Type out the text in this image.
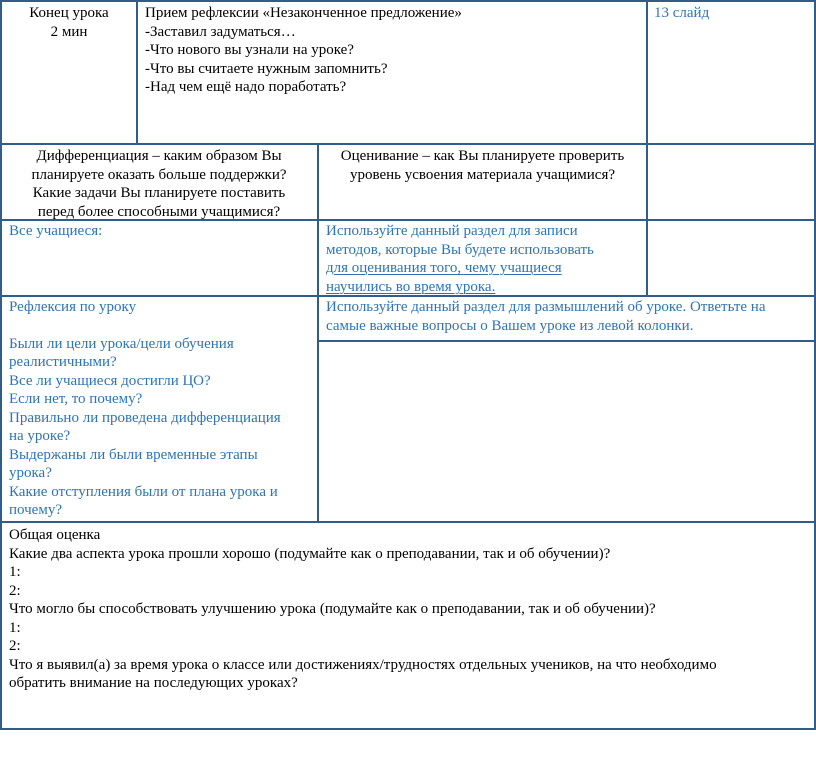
Конец урока
2 мин
Прием рефлексии «Незаконченное предложение»
-Заставил задуматься…
-Что нового вы узнали на уроке?
-Что вы считаете нужным запомнить?
-Над чем ещё надо поработать?
13 слайд
Дифференциация – каким образом Вы
планируете оказать больше поддержки?
Какие задачи Вы планируете поставить
перед более способными учащимися?
Оценивание – как Вы планируете проверить
уровень усвоения материала учащимися?
Все учащиеся:	Используйте данный раздел для записи
методов, которые Вы будете использовать
для оценивания того, чему учащиеся
научились во время урока.
Рефлексия по уроку
Были ли цели урока/цели обучения
реалистичными?
Все ли учащиеся достигли ЦО?
Если нет, то почему?
Правильно ли проведена дифференциация
на уроке?
Выдержаны ли были временные этапы
урока?
Какие отступления были от плана урока и
почему?
Используйте данный раздел для размышлений об уроке. Ответьте на
самые важные вопросы о Вашем уроке из левой колонки.
Общая оценка
Какие два аспекта урока прошли хорошо (подумайте как о преподавании, так и об обучении)?
1:
2:
Что могло бы способствовать улучшению урока (подумайте как о преподавании, так и об обучении)?
1:
2:
Что я выявил(а) за время урока о классе или достижениях/трудностях отдельных учеников, на что необходимо
обратить внимание на последующих уроках?
